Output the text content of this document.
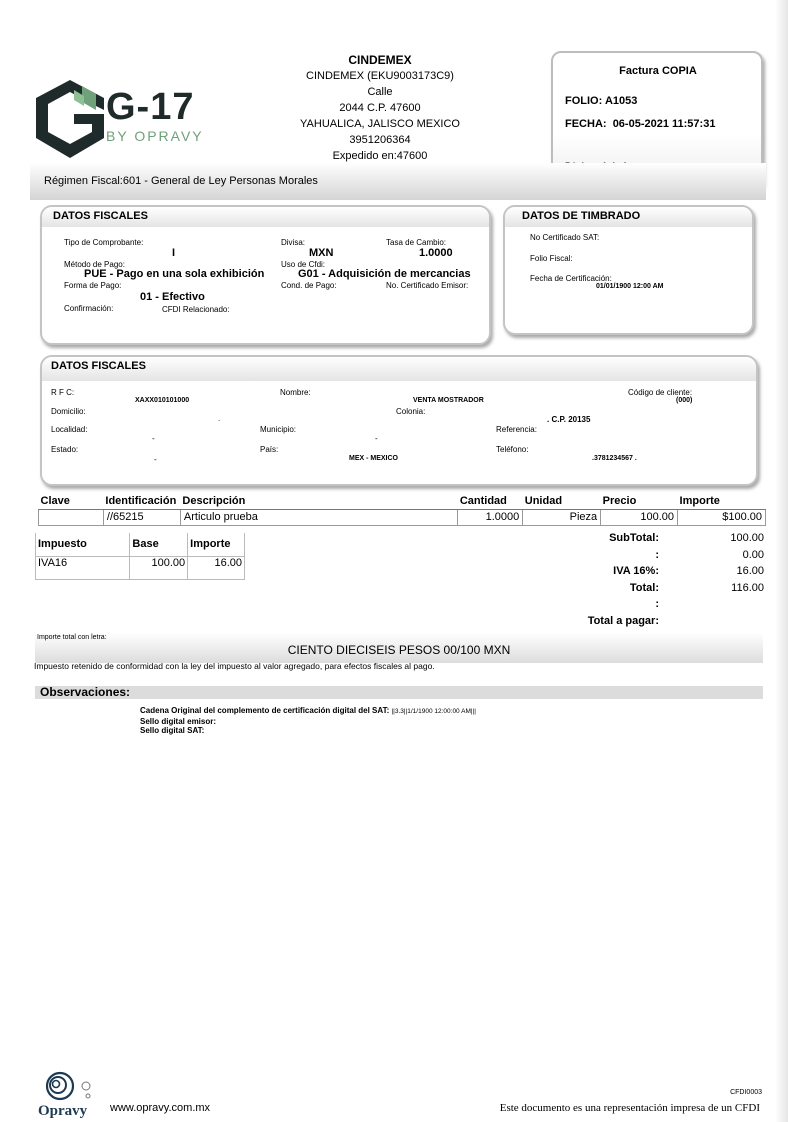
G-17
BY OPRAVY
CINDEMEX
CINDEMEX (EKU9003173C9)
Calle
2044 C.P. 47600
YAHUALICA, JALISCO MEXICO
3951206364
Expedido en:47600
Factura COPIA
FOLIO: A1053
FECHA: 06-05-2021 11:57:31

Régimen Fiscal:601 - General de Ley Personas Morales
DATOS FISCALES
Tipo de Comprobante:
I
Método de Pago:
PUE - Pago en una sola exhibición
Forma de Pago:
01 - Efectivo
Confirmación:	CFDI Relacionado:
Divisa:
MXN
Tasa de Cambio:
1.0000
Uso de Cfdi:
G01 - Adquisición de mercancias
Cond. de Pago:	No. Certificado Emisor:
DATOS DE TIMBRADO
No Certificado SAT:
Folio Fiscal:
Fecha de Certificación:
01/01/1900 12:00 AM
DATOS FISCALES
R F C:
XAXX010101000
Nombre:
VENTA MOSTRADOR
Código de cliente:
(000)
Domicilio:	Colonia:
.	. C.P. 20135
Localidad:
-
Municipio:
-
Referencia:
Estado:
-
País:
MEX - MEXICO
Teléfono:
.3781234567 .
Clave	Identificación	Descripción	Cantidad	Unidad	Precio	Importe
	//65215	Articulo prueba	1.0000	Pieza	100.00	$100.00
Impuesto	Base	Importe
IVA16	100.00	16.00
SubTotal:	100.00
:	0.00
IVA 16%:	16.00
Total:	116.00
:	
Total a pagar:	
Importe total con letra:
CIENTO DIECISEIS PESOS 00/100 MXN
Impuesto retenido de conformidad con la ley del impuesto al valor agregado, para efectos fiscales al pago.
Observaciones:
Cadena Original del complemento de certificación digital del SAT: ||3.3||1/1/1900 12:00:00 AM|||
Sello digital emisor:
Sello digital SAT:
Opravy www.opravy.com.mx
CFDI0003
Este documento es una representación impresa de un CFDI
